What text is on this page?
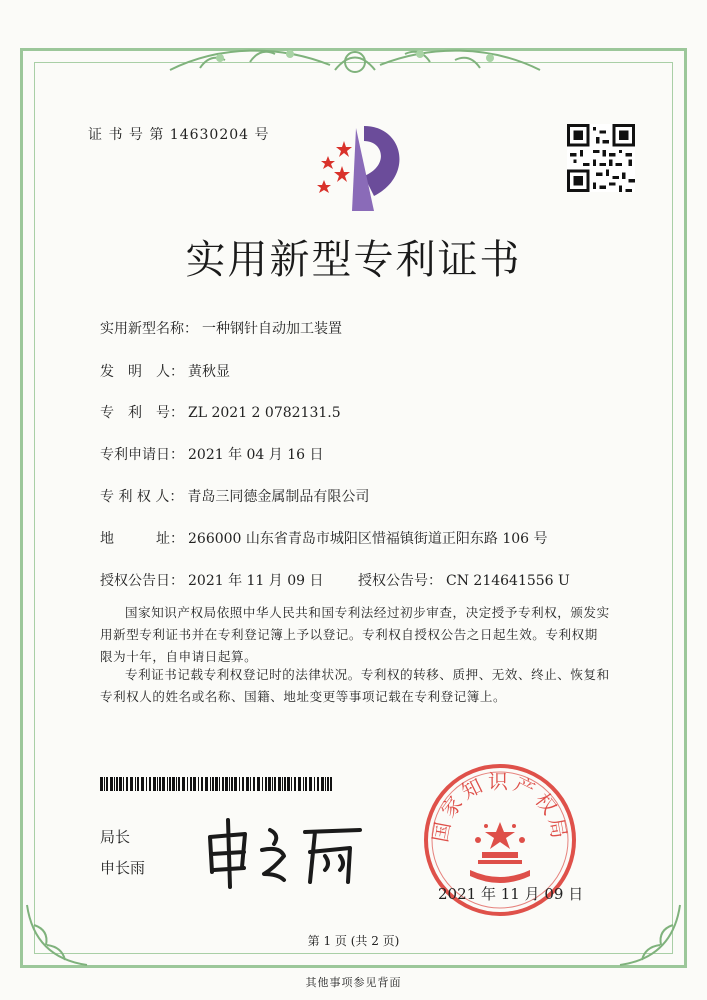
证 书 号 第 14630204 号
实用新型专利证书
实用新型名称： 一种钢针自动加工装置
发　明　人： 黄秋显
专　利　号： ZL 2021 2 0782131.5
专利申请日： 2021 年 04 月 16 日
专 利 权 人： 青岛三同德金属制品有限公司
地　　　址： 266000 山东省青岛市城阳区惜福镇街道正阳东路 106 号
授权公告日： 2021 年 11 月 09 日 授权公告号： CN 214641556 U
国家知识产权局依照中华人民共和国专利法经过初步审查，决定授予专利权，颁发实用新型专利证书并在专利登记簿上予以登记。专利权自授权公告之日起生效。专利权期限为十年，自申请日起算。
专利证书记载专利权登记时的法律状况。专利权的转移、质押、无效、终止、恢复和专利权人的姓名或名称、国籍、地址变更等事项记载在专利登记簿上。
局长
申长雨
国家知识产权局
2021 年 11 月 09 日
第 1 页 (共 2 页)
其他事项参见背面
